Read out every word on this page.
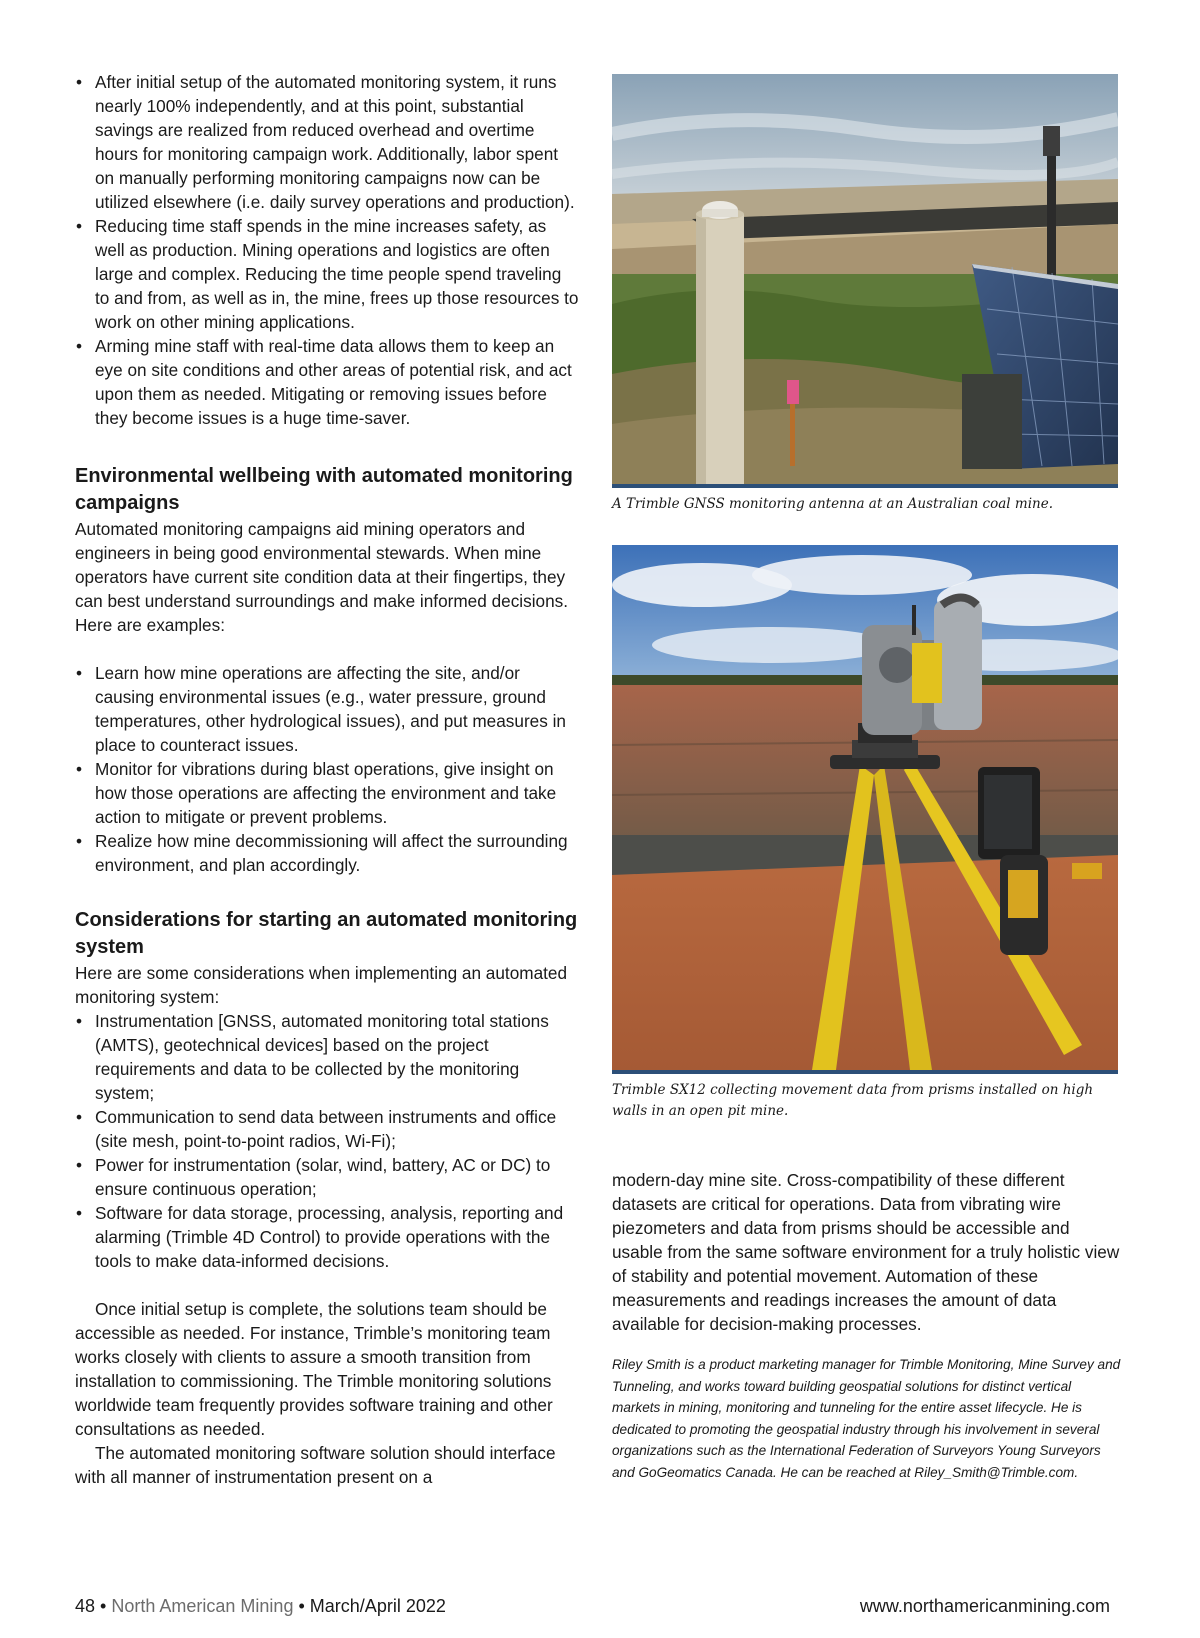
• After initial setup of the automated monitoring system, it runs nearly 100% independently, and at this point, substantial savings are realized from reduced overhead and overtime hours for monitoring campaign work. Additionally, labor spent on manually performing monitoring campaigns now can be utilized elsewhere (i.e. daily survey operations and production).
• Reducing time staff spends in the mine increases safety, as well as production. Mining operations and logistics are often large and complex. Reducing the time people spend traveling to and from, as well as in, the mine, frees up those resources to work on other mining applications.
• Arming mine staff with real-time data allows them to keep an eye on site conditions and other areas of potential risk, and act upon them as needed. Mitigating or removing issues before they become issues is a huge time-saver.
Environmental wellbeing with automated monitoring campaigns

Automated monitoring campaigns aid mining operators and engineers in being good environmental stewards. When mine operators have current site condition data at their fingertips, they can best understand surroundings and make informed decisions. Here are examples:

• Learn how mine operations are affecting the site, and/or causing environmental issues (e.g., water pressure, ground temperatures, other hydrological issues), and put measures in place to counteract issues.
• Monitor for vibrations during blast operations, give insight on how those operations are affecting the environment and take action to mitigate or prevent problems.
• Realize how mine decommissioning will affect the surrounding environment, and plan accordingly.
Considerations for starting an automated monitoring system

Here are some considerations when implementing an automated monitoring system:

• Instrumentation [GNSS, automated monitoring total stations (AMTS), geotechnical devices] based on the project requirements and data to be collected by the monitoring system;
• Communication to send data between instruments and office (site mesh, point-to-point radios, Wi-Fi);
• Power for instrumentation (solar, wind, battery, AC or DC) to ensure continuous operation;
• Software for data storage, processing, analysis, reporting and alarming (Trimble 4D Control) to provide operations with the tools to make data-informed decisions.

Once initial setup is complete, the solutions team should be accessible as needed. For instance, Trimble’s monitoring team works closely with clients to assure a smooth transition from installation to commissioning. The Trimble monitoring solutions worldwide team frequently provides software training and other consultations as needed.

The automated monitoring software solution should interface with all manner of instrumentation present on a

A Trimble GNSS monitoring antenna at an Australian coal mine.

Trimble SX12 collecting movement data from prisms installed on high walls in an open pit mine.

modern-day mine site. Cross-compatibility of these different datasets are critical for operations. Data from vibrating wire piezometers and data from prisms should be accessible and usable from the same software environment for a truly holistic view of stability and potential movement. Automation of these measurements and readings increases the amount of data available for decision-making processes.

Riley Smith is a product marketing manager for Trimble Monitoring, Mine Survey and Tunneling, and works toward building geospatial solutions for distinct vertical markets in mining, monitoring and tunneling for the entire asset lifecycle. He is dedicated to promoting the geospatial industry through his involvement in several organizations such as the International Federation of Surveyors Young Surveyors and GoGeomatics Canada. He can be reached at Riley_Smith@Trimble.com.

48 • North American Mining • March/April 2022	www.northamericanmining.com
